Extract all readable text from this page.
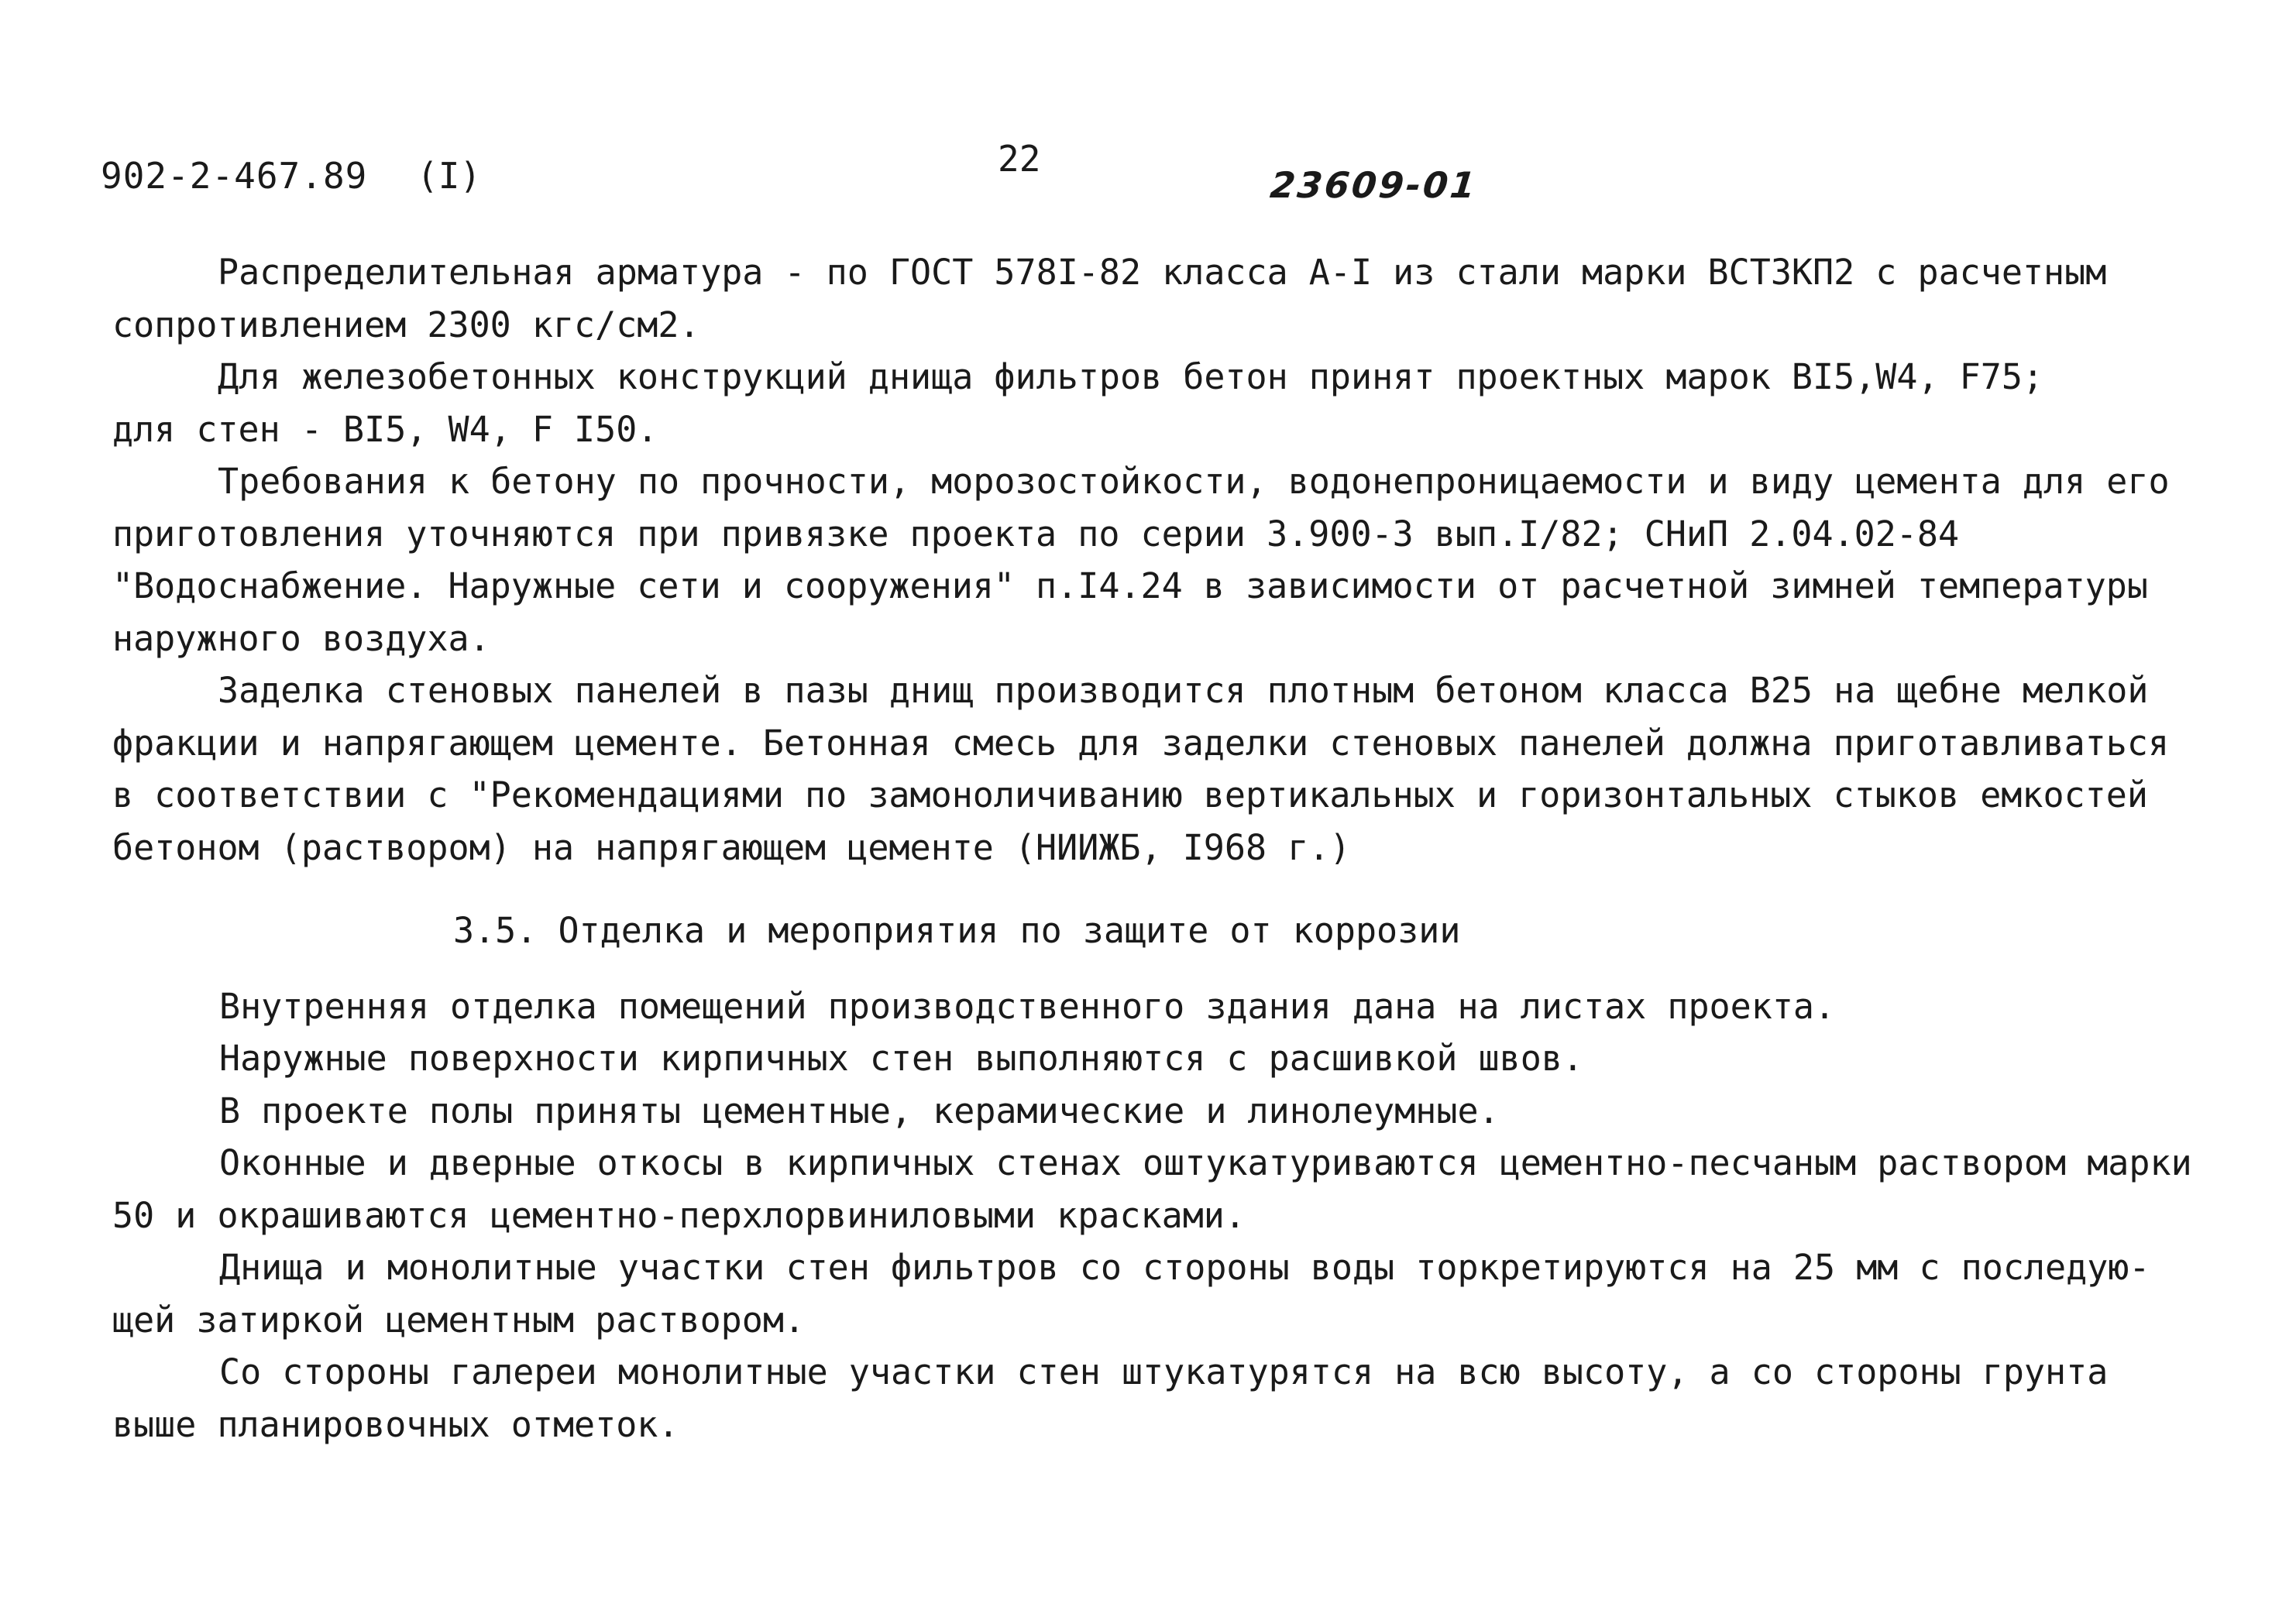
902-2-467.89 (I)	22
23609-01
Распределительная арматура - по ГОСТ 578I-82 класса А-I из стали марки ВСТ3КП2 с расчетным
сопротивлением 2300 кгс/см2.
Для железобетонных конструкций днища фильтров бетон принят проектных марок BI5,W4, F75;
для стен - BI5, W4, F I50.
Требования к бетону по прочности, морозостойкости, водонепроницаемости и виду цемента для его
приготовления уточняются при привязке проекта по серии 3.900-3 вып.I/82; СНиП 2.04.02-84
"Водоснабжение. Наружные сети и сооружения" п.I4.24 в зависимости от расчетной зимней температуры
наружного воздуха.
Заделка стеновых панелей в пазы днищ производится плотным бетоном класса В25 на щебне мелкой
фракции и напрягающем цементе. Бетонная смесь для заделки стеновых панелей должна приготавливаться
в соответствии с "Рекомендациями по замоноличиванию вертикальных и горизонтальных стыков емкостей
бетоном (раствором) на напрягающем цементе (НИИЖБ, I968 г.)
3.5. Отделка и мероприятия по защите от коррозии
Внутренняя отделка помещений производственного здания дана на листах проекта.
Наружные поверхности кирпичных стен выполняются с расшивкой швов.
В проекте полы приняты цементные, керамические и линолеумные.
Оконные и дверные откосы в кирпичных стенах оштукатуриваются цементно-песчаным раствором марки
50 и окрашиваются цементно-перхлорвиниловыми красками.
Днища и монолитные участки стен фильтров со стороны воды торкретируются на 25 мм с последую-
щей затиркой цементным раствором.
Со стороны галереи монолитные участки стен штукатурятся на всю высоту, а со стороны грунта
выше планировочных отметок.
